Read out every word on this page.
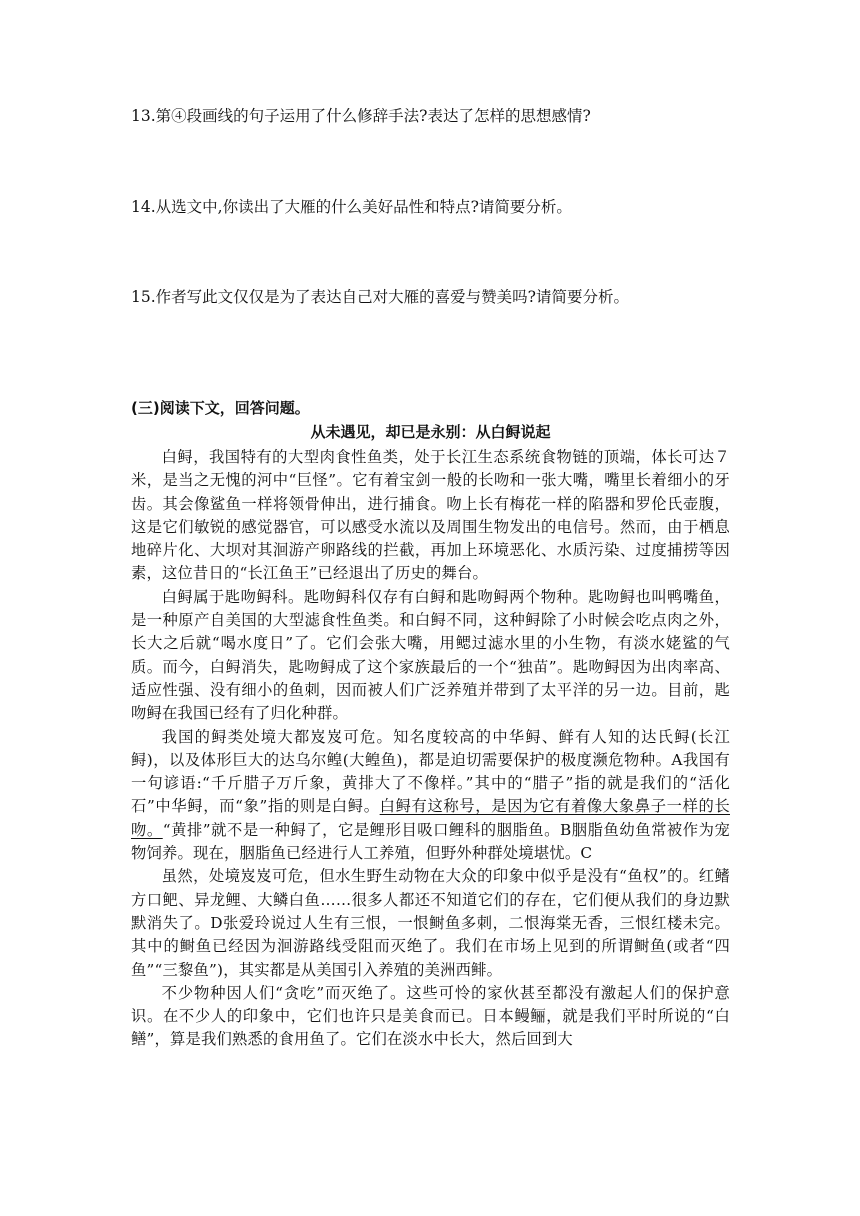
13.第④段画线的句子运用了什么修辞手法?表达了怎样的思想感情?
14.从选文中,你读出了大雁的什么美好品性和特点?请简要分析。
15.作者写此文仅仅是为了表达自己对大雁的喜爱与赞美吗?请简要分析。
(三)阅读下文，回答问题。
从未遇见，却已是永别：从白鲟说起

白鲟，我国特有的大型肉食性鱼类，处于长江生态系统食物链的顶端，体长可达７米，是当之无愧的河中“巨怪”。它有着宝剑一般的长吻和一张大嘴，嘴里长着细小的牙齿。其会像鲨鱼一样将领骨伸出，进行捕食。吻上长有梅花一样的陷器和罗伦氏壶腹，这是它们敏锐的感觉器官，可以感受水流以及周围生物发出的电信号。然而，由于栖息地碎片化、大坝对其洄游产卵路线的拦截，再加上环境恶化、水质污染、过度捕捞等因素，这位昔日的“长江鱼王”已经退出了历史的舞台。

白鲟属于匙吻鲟科。匙吻鲟科仅存有白鲟和匙吻鲟两个物种。匙吻鲟也叫鸭嘴鱼，是一种原产自美国的大型滤食性鱼类。和白鲟不同，这种鲟除了小时候会吃点肉之外，长大之后就“喝水度日”了。它们会张大嘴，用鳃过滤水里的小生物，有淡水姥鲨的气质。而今，白鲟消失，匙吻鲟成了这个家族最后的一个“独苗”。匙吻鲟因为出肉率高、适应性强、没有细小的鱼刺，因而被人们广泛养殖并带到了太平洋的另一边。目前，匙吻鲟在我国已经有了归化种群。

我国的鲟类处境大都岌岌可危。知名度较高的中华鲟、鲜有人知的达氏鲟(长江鲟)，以及体形巨大的达乌尔鳇(大鳇鱼)，都是迫切需要保护的极度濒危物种。A我国有一句谚语:“千斤腊子万斤象，黄排大了不像样。”其中的“腊子”指的就是我们的“活化石”中华鲟，而“象”指的则是白鲟。白鲟有这称号，是因为它有着像大象鼻子一样的长吻。“黄排”就不是一种鲟了，它是鲤形目吸口鲤科的胭脂鱼。B胭脂鱼幼鱼常被作为宠物饲养。现在，胭脂鱼已经进行人工养殖，但野外种群处境堪忧。C

虽然，处境岌岌可危，但水生野生动物在大众的印象中似乎是没有“鱼权”的。红鳍方口鲃、异龙鲤、大鳞白鱼……很多人都还不知道它们的存在，它们便从我们的身边默默消失了。D张爱玲说过人生有三恨，一恨鲥鱼多刺，二恨海棠无香，三恨红楼未完。其中的鲥鱼已经因为洄游路线受阻而灭绝了。我们在市场上见到的所谓鲥鱼(或者“四鱼”“三黎鱼”)，其实都是从美国引入养殖的美洲西鲱。

不少物种因人们“贪吃”而灭绝了。这些可怜的家伙甚至都没有激起人们的保护意识。在不少人的印象中，它们也许只是美食而已。日本鳗鲡，就是我们平时所说的“白鳝”，算是我们熟悉的食用鱼了。它们在淡水中长大，然后回到大
